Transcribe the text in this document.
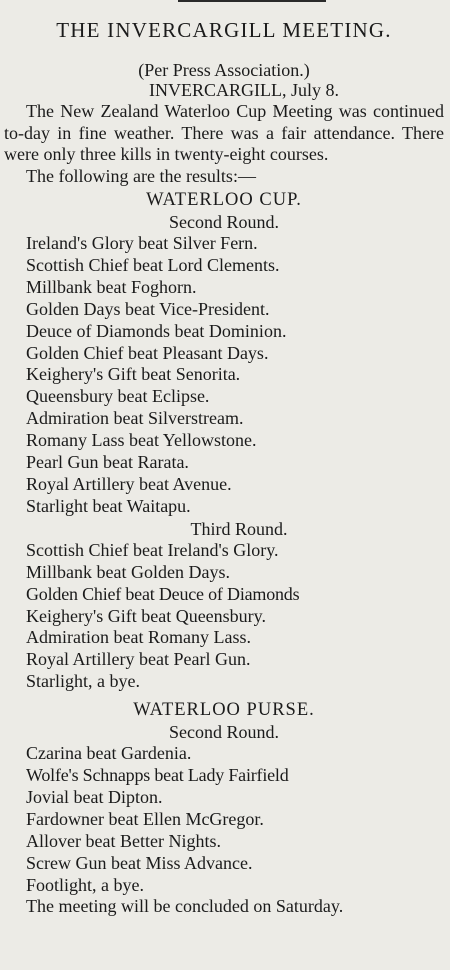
THE INVERCARGILL MEETING.
(Per Press Association.)
INVERCARGILL, July 8.
The New Zealand Waterloo Cup Meeting was continued to-day in fine weather. There was a fair attendance. There were only three kills in twenty-eight courses.
The following are the results:—
WATERLOO CUP.
Second Round.
Ireland's Glory beat Silver Fern.
Scottish Chief beat Lord Clements.
Millbank beat Foghorn.
Golden Days beat Vice-President.
Deuce of Diamonds beat Dominion.
Golden Chief beat Pleasant Days.
Keighery's Gift beat Senorita.
Queensbury beat Eclipse.
Admiration beat Silverstream.
Romany Lass beat Yellowstone.
Pearl Gun beat Rarata.
Royal Artillery beat Avenue.
Starlight beat Waitapu.
Third Round.
Scottish Chief beat Ireland's Glory.
Millbank beat Golden Days.
Golden Chief beat Deuce of Diamonds
Keighery's Gift beat Queensbury.
Admiration beat Romany Lass.
Royal Artillery beat Pearl Gun.
Starlight, a bye.
WATERLOO PURSE.
Second Round.
Czarina beat Gardenia.
Wolfe's Schnapps beat Lady Fairfield
Jovial beat Dipton.
Fardowner beat Ellen McGregor.
Allover beat Better Nights.
Screw Gun beat Miss Advance.
Footlight, a bye.
The meeting will be concluded on Saturday.
